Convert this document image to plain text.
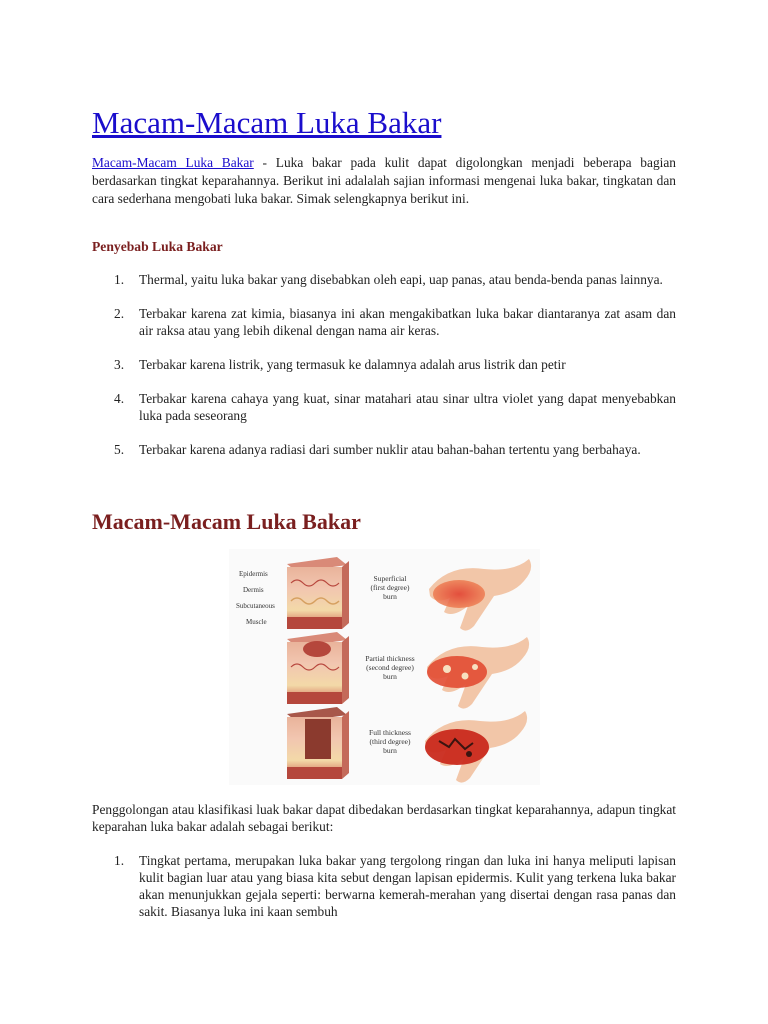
Macam-Macam Luka Bakar

Macam-Macam Luka Bakar - Luka bakar pada kulit dapat digolongkan menjadi beberapa bagian berdasarkan tingkat keparahannya. Berikut ini adalalah sajian informasi mengenai luka bakar, tingkatan dan cara sederhana mengobati luka bakar. Simak selengkapnya berikut ini.

Penyebab Luka Bakar
1. Thermal, yaitu luka bakar yang disebabkan oleh eapi, uap panas, atau benda-benda panas lainnya.
2. Terbakar karena zat kimia, biasanya ini akan mengakibatkan luka bakar diantaranya zat asam dan air raksa atau yang lebih dikenal dengan nama air keras.
3. Terbakar karena listrik, yang termasuk ke dalamnya adalah arus listrik dan petir
4. Terbakar karena cahaya yang kuat, sinar matahari atau sinar ultra violet yang dapat menyebabkan luka pada seseorang
5. Terbakar karena adanya radiasi dari sumber nuklir atau bahan-bahan tertentu yang berbahaya.
Macam-Macam Luka Bakar
Epidermis
Dermis
Subcutaneous
Muscle
Superficial
(first degree)
burn
Partial thickness
(second degree)
burn
Full thickness
(third degree)
burn

Penggolongan atau klasifikasi luak bakar dapat dibedakan berdasarkan tingkat keparahannya, adapun tingkat keparahan luka bakar adalah sebagai berikut:

1. Tingkat pertama, merupakan luka bakar yang tergolong ringan dan luka ini hanya meliputi lapisan kulit bagian luar atau yang biasa kita sebut dengan lapisan epidermis. Kulit yang terkena luka bakar akan menunjukkan gejala seperti: berwarna kemerah-merahan yang disertai dengan rasa panas dan sakit. Biasanya luka ini kaan sembuh
